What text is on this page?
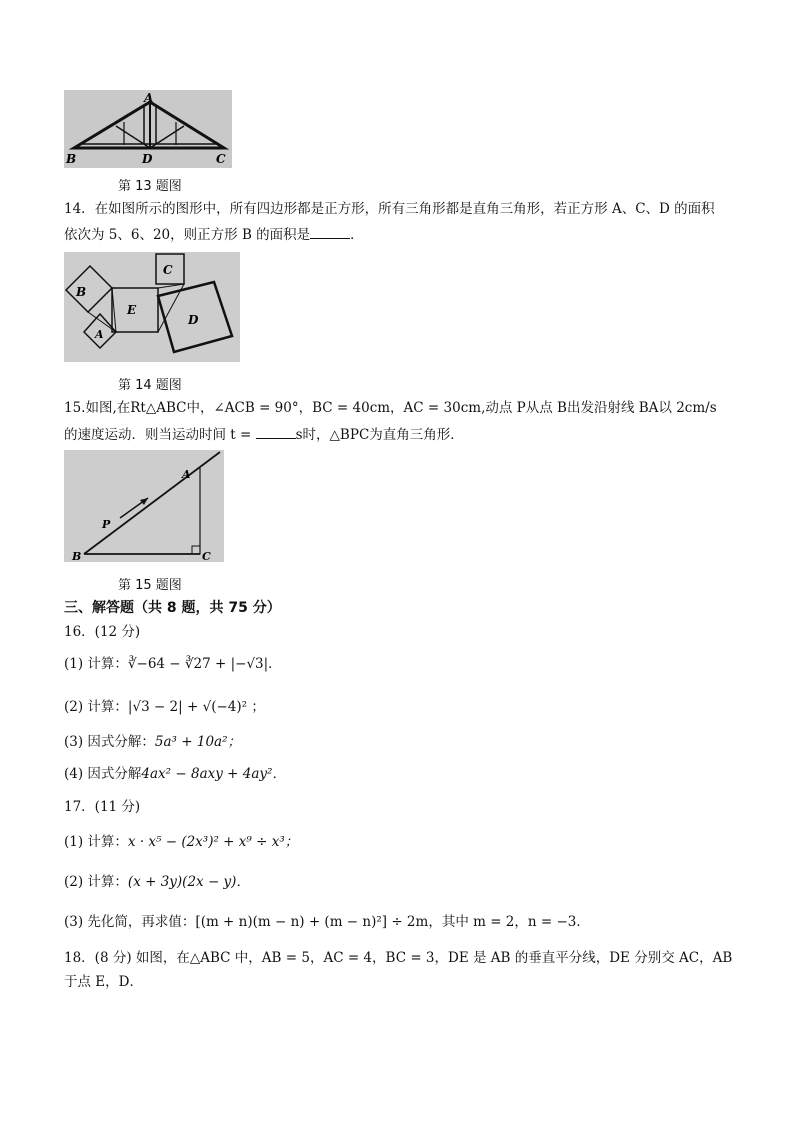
A
B	D	C
第 13 题图
14．在如图所示的图形中，所有四边形都是正方形，所有三角形都是直角三角形，若正方形 A、C、D 的面积
依次为 5、6、20，则正方形 B 的面积是	．
B
C
E
D
A
第 14 题图
15.如图,在Rt△ABC中，∠ACB = 90°，BC = 40cm，AC = 30cm,动点 P从点 B出发沿射线 BA以 2cm/s
的速度运动．则当运动时间 t =	s时，△BPC为直角三角形．
A
P
B	C
第 15 题图
三、解答题（共 8 题，共 75 分）
16．(12 分)
(1) 计算：∛−64 − ∛27 + |−√3|．
(2) 计算：|√3 − 2| + √(−4)² ；
(3) 因式分解：5a³ + 10a²；
(4) 因式分解4ax² − 8axy + 4ay²．
17．(11 分)
(1) 计算：x · x⁵ − (2x³)² + x⁹ ÷ x³；
(2) 计算：(x + 3y)(2x − y)．
(3) 先化简，再求值：[(m + n)(m − n) + (m − n)²] ÷ 2m，其中 m = 2，n = −3．
18．(8 分) 如图，在△ABC 中，AB = 5，AC = 4，BC = 3，DE 是 AB 的垂直平分线，DE 分别交 AC，AB
于点 E，D．
